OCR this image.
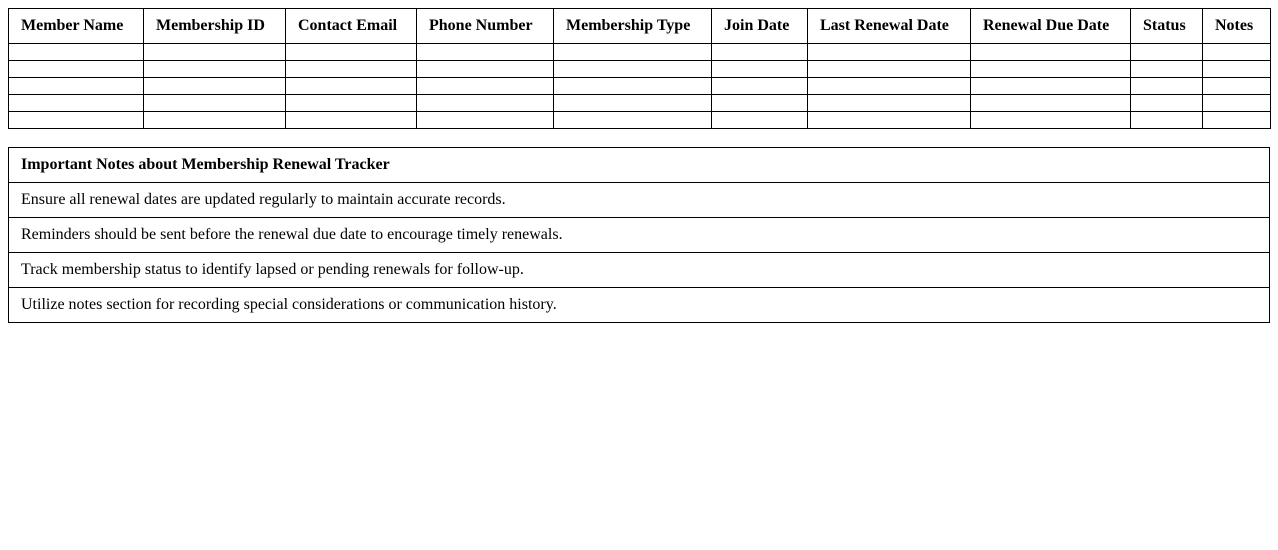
Member Name	Membership ID	Contact Email	Phone Number	Membership Type	Join Date	Last Renewal Date	Renewal Due Date	Status	Notes

Important Notes about Membership Renewal Tracker
Ensure all renewal dates are updated regularly to maintain accurate records.
Reminders should be sent before the renewal due date to encourage timely renewals.
Track membership status to identify lapsed or pending renewals for follow-up.
Utilize notes section for recording special considerations or communication history.
